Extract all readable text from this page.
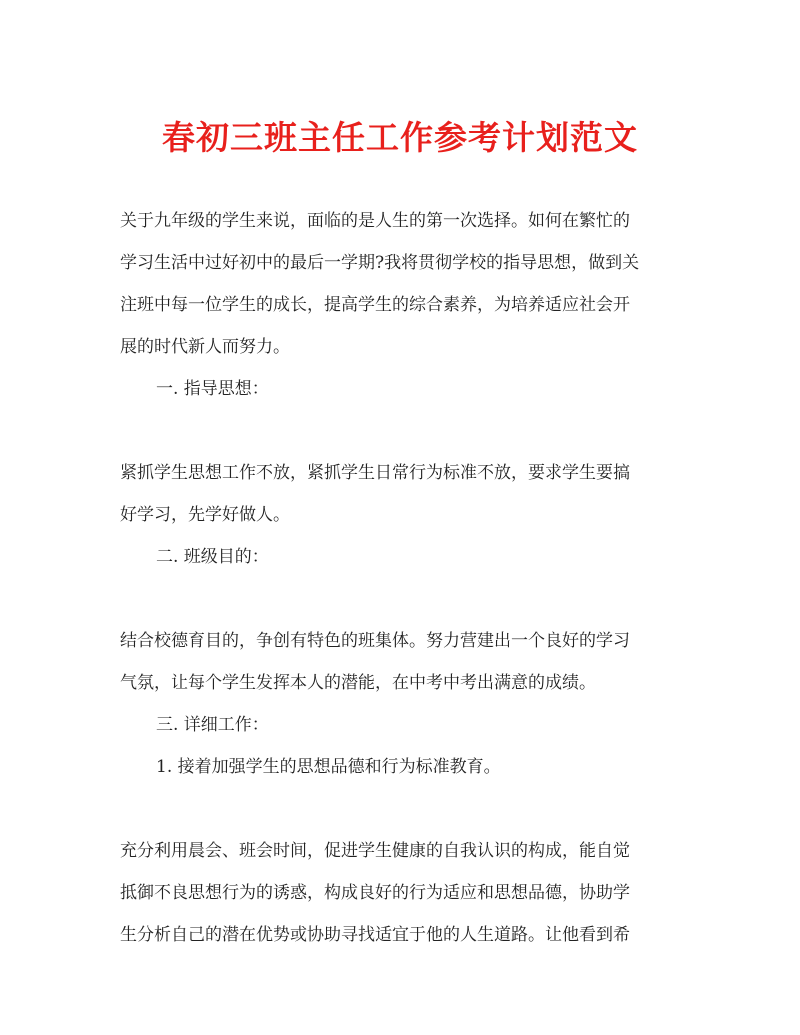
春初三班主任工作参考计划范文

关于九年级的学生来说，面临的是人生的第一次选择。如何在繁忙的

学习生活中过好初中的最后一学期?我将贯彻学校的指导思想，做到关

注班中每一位学生的成长，提高学生的综合素养，为培养适应社会开

展的时代新人而努力。

一. 指导思想：

紧抓学生思想工作不放，紧抓学生日常行为标准不放，要求学生要搞

好学习，先学好做人。

二. 班级目的：

结合校德育目的，争创有特色的班集体。努力营建出一个良好的学习

气氛，让每个学生发挥本人的潜能，在中考中考出满意的成绩。

三. 详细工作：

1. 接着加强学生的思想品德和行为标准教育。

充分利用晨会、班会时间，促进学生健康的自我认识的构成，能自觉

抵御不良思想行为的诱惑，构成良好的行为适应和思想品德，协助学

生分析自己的潜在优势或协助寻找适宜于他的人生道路。让他看到希
